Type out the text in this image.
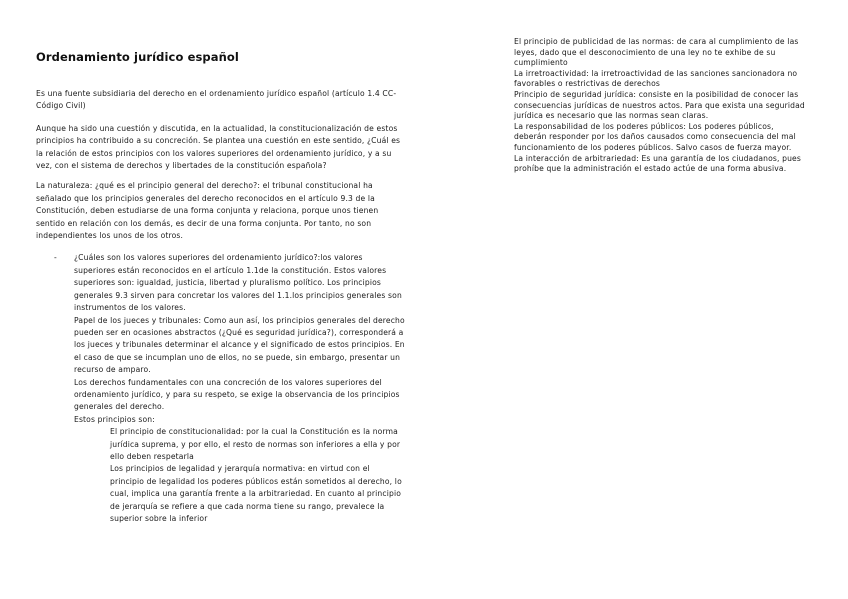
Ordenamiento jurídico español

Es una fuente subsidiaria del derecho en el ordenamiento jurídico español (artículo 1.4 CC-Código Civil)

Aunque ha sido una cuestión y discutida, en la actualidad, la constitucionalización de estos principios ha contribuido a su concreción. Se plantea una cuestión en este sentido, ¿Cuál es la relación de estos principios con los valores superiores del ordenamiento jurídico, y a su vez, con el sistema de derechos y libertades de la constitución española?

La naturaleza: ¿qué es el principio general del derecho?: el tribunal constitucional ha señalado que los principios generales del derecho reconocidos en el artículo 9.3 de la Constitución, deben estudiarse de una forma conjunta y relaciona, porque unos tienen sentido en relación con los demás, es decir de una forma conjunta. Por tanto, no son independientes los unos de los otros.

-	¿Cuáles son los valores superiores del ordenamiento jurídico?:los valores superiores están reconocidos en el artículo 1.1de la constitución. Estos valores superiores son: igualdad, justicia, libertad y pluralismo político. Los principios generales 9.3 sirven para concretar los valores del 1.1.los principios generales son instrumentos de los valores.

Papel de los jueces y tribunales: Como aun así, los principios generales del derecho pueden ser en ocasiones abstractos (¿Qué es seguridad jurídica?), corresponderá a los jueces y tribunales determinar el alcance y el significado de estos principios. En el caso de que se incumplan uno de ellos, no se puede, sin embargo, presentar un recurso de amparo.

Los derechos fundamentales con una concreción de los valores superiores del ordenamiento jurídico, y para su respeto, se exige la observancia de los principios generales del derecho.

Estos principios son:

El principio de constitucionalidad: por la cual la Constitución es la norma jurídica suprema, y por ello, el resto de normas son inferiores a ella y por ello deben respetarla

Los principios de legalidad y jerarquía normativa: en virtud con el principio de legalidad los poderes públicos están sometidos al derecho, lo cual, implica una garantía frente a la arbitrariedad. En cuanto al principio de jerarquía se refiere a que cada norma tiene su rango, prevalece la superior sobre la inferior

El principio de publicidad de las normas: de cara al cumplimiento de las leyes, dado que el desconocimiento de una ley no te exhibe de su cumplimiento

La irretroactividad: la irretroactividad de las sanciones sancionadora no favorables o restrictivas de derechos

Principio de seguridad jurídica: consiste en la posibilidad de conocer las consecuencias jurídicas de nuestros actos. Para que exista una seguridad jurídica es necesario que las normas sean claras.

La responsabilidad de los poderes públicos: Los poderes públicos, deberán responder por los daños causados como consecuencia del mal funcionamiento de los poderes públicos. Salvo casos de fuerza mayor.

La interacción de arbitrariedad: Es una garantía de los ciudadanos, pues prohíbe que la administración el estado actúe de una forma abusiva.
